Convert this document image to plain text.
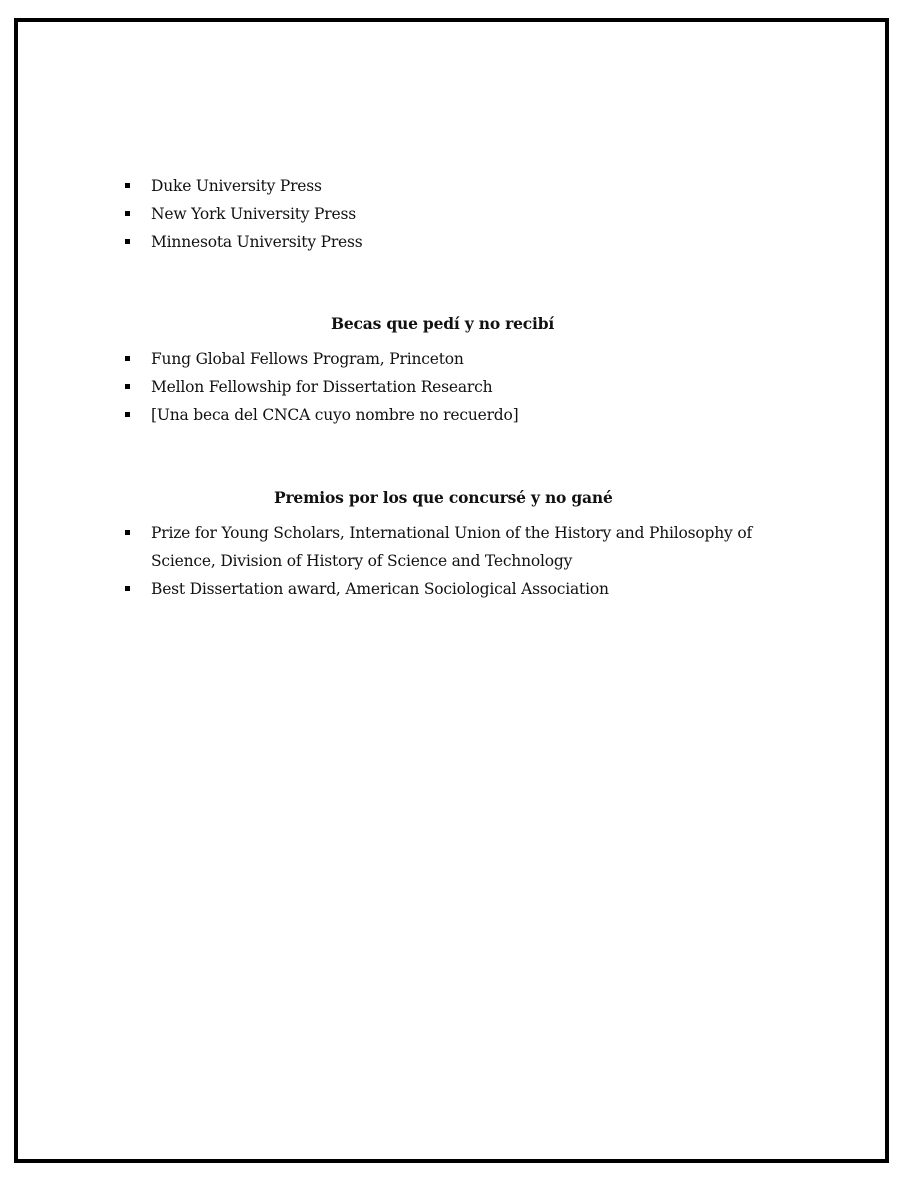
Duke University Press
New York University Press
Minnesota University Press
Becas que pedí y no recibí
Fung Global Fellows Program, Princeton
Mellon Fellowship for Dissertation Research
[Una beca del CNCA cuyo nombre no recuerdo]
Premios por los que concursé y no gané
Prize for Young Scholars, International Union of the History and Philosophy of Science, Division of History of Science and Technology
Best Dissertation award, American Sociological Association
